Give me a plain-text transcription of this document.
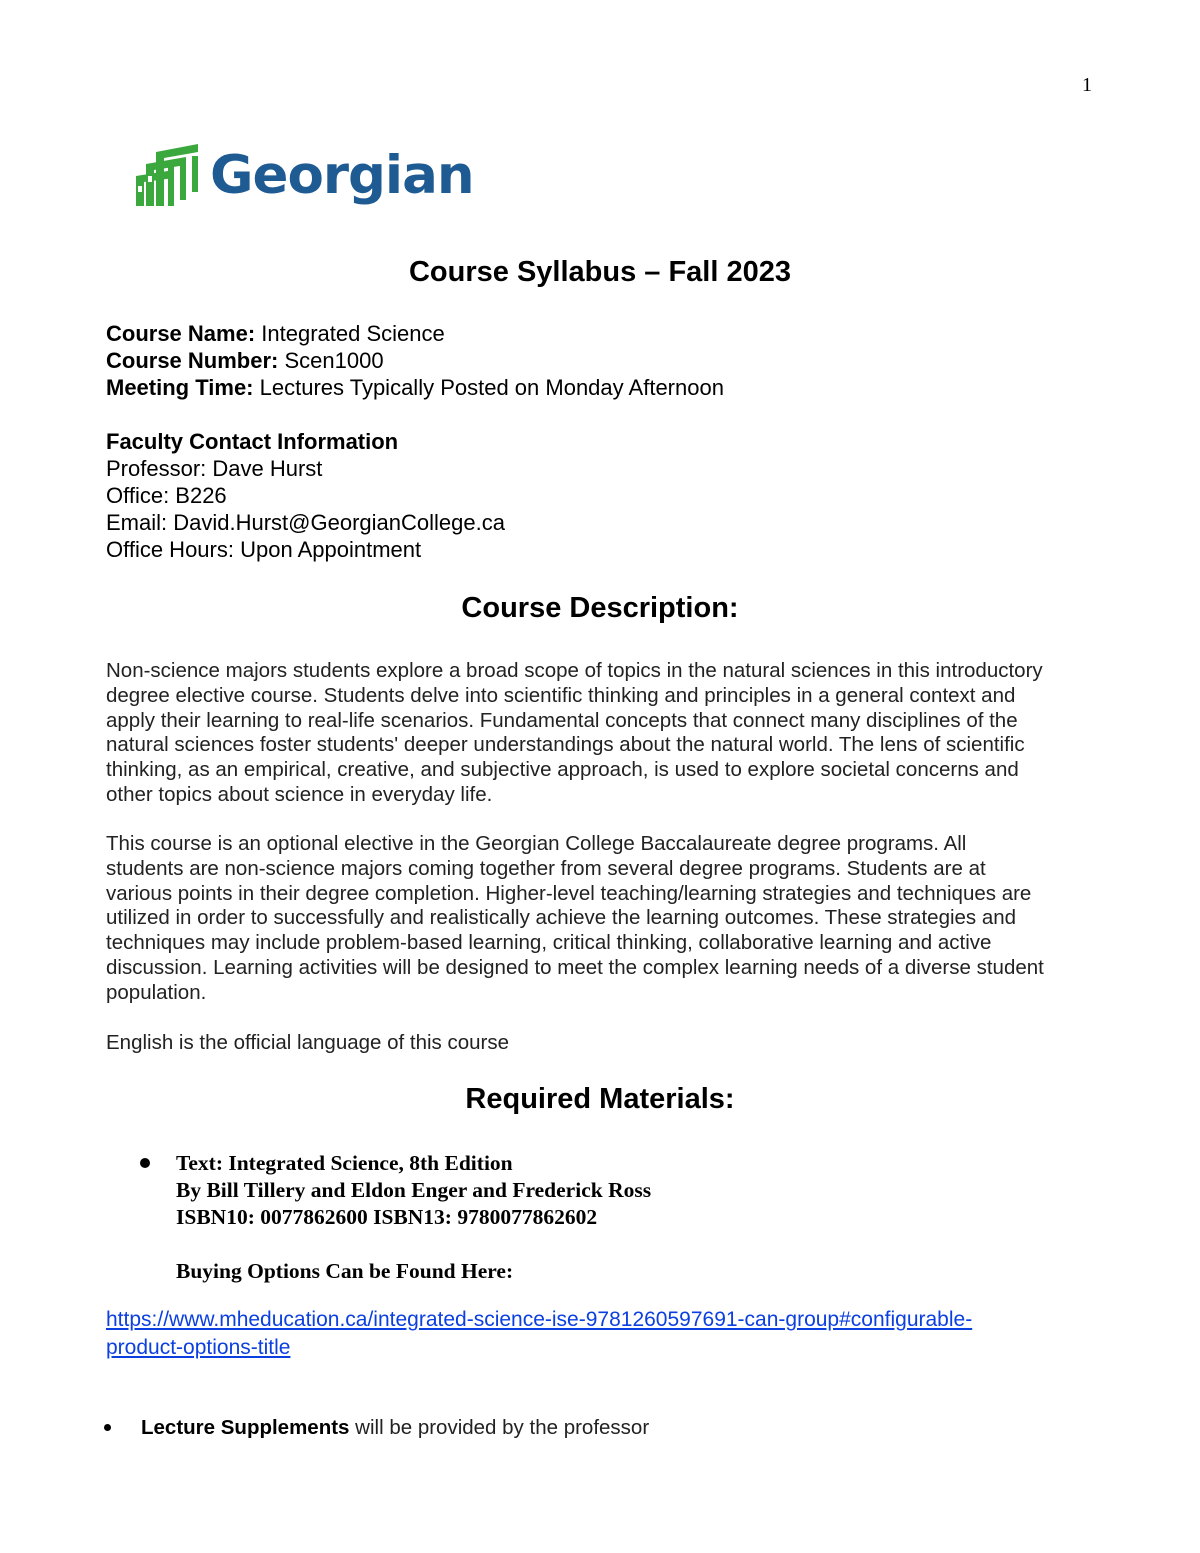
1
Georgian
Course Syllabus – Fall 2023

Course Name: Integrated Science

Course Number: Scen1000

Meeting Time: Lectures Typically Posted on Monday Afternoon

Faculty Contact Information

Professor: Dave Hurst

Office: B226

Email: David.Hurst@GeorgianCollege.ca

Office Hours: Upon Appointment

Course Description:

Non-science majors students explore a broad scope of topics in the natural sciences in this introductory

degree elective course. Students delve into scientific thinking and principles in a general context and

apply their learning to real-life scenarios. Fundamental concepts that connect many disciplines of the

natural sciences foster students' deeper understandings about the natural world. The lens of scientific

thinking, as an empirical, creative, and subjective approach, is used to explore societal concerns and

other topics about science in everyday life.

This course is an optional elective in the Georgian College Baccalaureate degree programs. All

students are non-science majors coming together from several degree programs. Students are at

various points in their degree completion. Higher-level teaching/learning strategies and techniques are

utilized in order to successfully and realistically achieve the learning outcomes. These strategies and

techniques may include problem-based learning, critical thinking, collaborative learning and active

discussion. Learning activities will be designed to meet the complex learning needs of a diverse student

population.

English is the official language of this course

Required Materials:
Text: Integrated Science, 8th Edition
By Bill Tillery and Eldon Enger and Frederick Ross
ISBN10: 0077862600 ISBN13: 9780077862602
Buying Options Can be Found Here:
https://www.mheducation.ca/integrated-science-ise-9781260597691-can-group#configurable-
product-options-title
Lecture Supplements will be provided by the professor
